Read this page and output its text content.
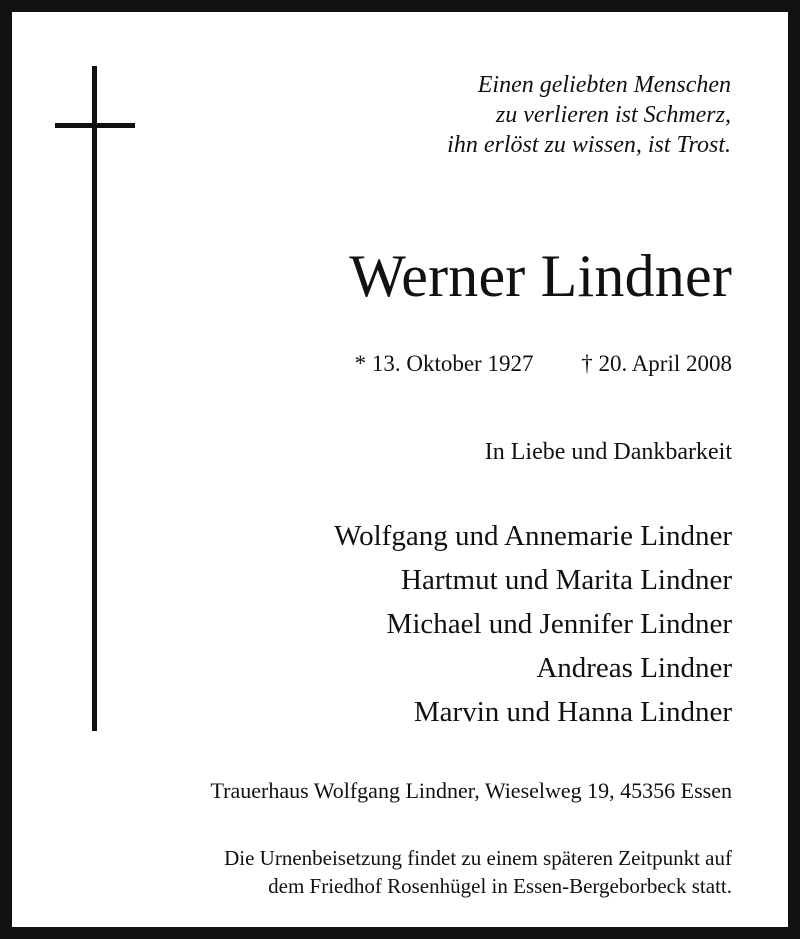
Einen geliebten Menschen
zu verlieren ist Schmerz,
ihn erlöst zu wissen, ist Trost.
Werner Lindner
* 13. Oktober 1927 † 20. April 2008
In Liebe und Dankbarkeit
Wolfgang und Annemarie Lindner
Hartmut und Marita Lindner
Michael und Jennifer Lindner
Andreas Lindner
Marvin und Hanna Lindner
Trauerhaus Wolfgang Lindner, Wieselweg 19, 45356 Essen
Die Urnenbeisetzung findet zu einem späteren Zeitpunkt auf
dem Friedhof Rosenhügel in Essen-Bergeborbeck statt.
